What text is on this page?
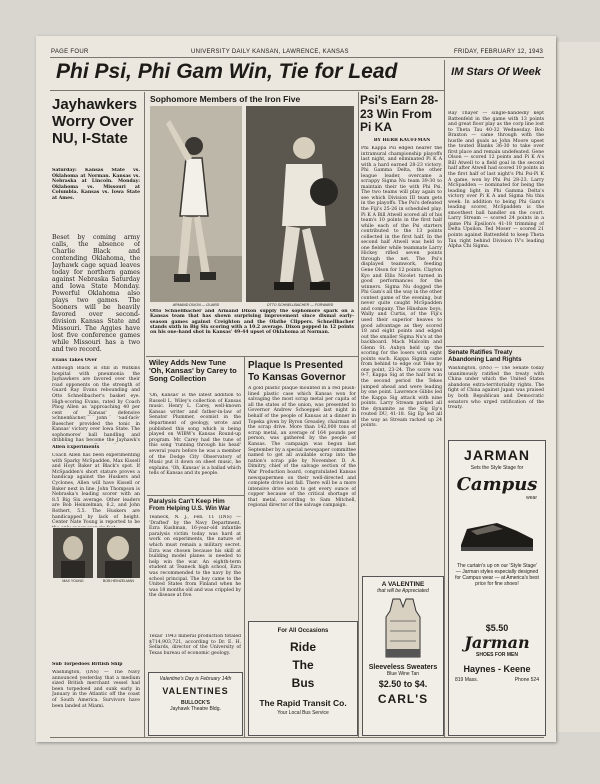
PAGE FOUR	UNIVERSITY DAILY KANSAN, LAWRENCE, KANSAS	FRIDAY, FEBRUARY 12, 1943
Phi Psi, Phi Gam Win, Tie for Lead
Jayhawkers Worry Over NU, I-State
Saturday: Kansas State vs. Oklahoma at Norman. Kansas vs. Nebraska at Lincoln. Monday: Oklahoma vs. Missouri at Columbia. Kansas vs. Iowa State at Ames.
Beset by coming army calls, the absence of Charlie Black and contending Oklahoma, the Jayhawk cage squad leaves today for northern games against Nebraska Saturday and Iowa State Monday. Powerful Oklahoma also plays two games. The Sooners will be heavily favored over second-division Kansas State and Missouri. The Aggies have lost five conference games while Missouri has a two and two record.
Evans Takes Over
Although Black is still in Watkins hospital with pneumonia the Jayhawkers are favored over their road opponents on the strength of Guard Ray Evans rebounding and Otto Schnellbacher's basket eye. High-scoring Evans, rated by Coach Phog Allen as 'approaching 40 per cent of Kansas' defensive
Schnellbacher, John 'Sad-face' Buescher provided the tonic in Kansas' victory over Iowa State. The sophomores' ball handling and dribbling has become the Jayhawk's
Allen Experiments
Coach Allen has been experimenting with Sparky McSpadden, Max Kissell and Hoyt Baker at Black's spot. If McSpadden's short stature proves a handicap against the Huskers and Cyclones, Allen will have Kissell or Baker next in line. John Thompson is Nebraska's leading scorer with an 8.5 Big Six average. Other leaders are Bob Heinzelman, 6.2, and John Rothert, 5.5. The Huskers are handicapped by lack of height. Center Nate Young is reported to be
MAX YOUNG	BOB HEINZELMAN
Sub Torpedoes British Ship
Washington, (INS) — The Navy announced yesterday that a medium sized British merchant vessel had been torpedoed and sunk early in January in the Atlantic off the coast of South America. Survivors have been landed at Miami.
Sophomore Members of the Iron Five
ARMAND DIXON — GUARD	OTTO SCHNELLBACHER — FORWARD
Otto Schnellbacher and Armand Dixon supply the sophomore spark on a Kansas team that has shown surprising improvement since dismal early-season games against Creighton and the Olathe Clippers. Schnellbacher stands sixth in Big Six scoring with a 10.2 average. Dixon popped in 12 points on his one-hand shot in Kansas' 49-44 upset of Oklahoma at Norman.
Wiley Adds New Tune 'Oh, Kansas' by Carey to Song Collection
'Oh, Kansas' is the latest addition to Russell L. Wiley's collection of Kansas music. Henry L. Carey, well-known Kansas writer and father-in-law of Senator Plummer, ecomist in the department of geology, wrote and published this song which is being played on WIBW's Kansas Round-up program. Mr. Carey had the tune of this song 'running through his head' several years before he was a member of the Dodge City Observatory of Music put it down on sheet music, he explains. 'Oh, Kansas' is a ballad which tells of Kansas and its people.
Paralysis Can't Keep Him From Helping U.S. Win War
Teaneck, N. J., Feb. 11 (INS) — 'Drafted' by the Navy Department, Ezra Kushman, 16-year-old infantile paralysis victim today was hard at work on experiments, the nature of which must remain a military secret. Ezra was chosen because his skill at building model planes is needed to help win the war. An eighth-term student at Teaneck high school, Ezra was recommended to the navy by the school principal. The boy came to the United States from Finland when he was 18 months old and was crippled by the disease at five.
Texas' 1943 mineral production totaled $714,903,721, according to Dr. E. H. Sellards, director of the University of Texas bureau of economic geology.
Valentine's Day is February 14th
VALENTINES
BULLOCK'S
Jayhawk Theatre Bldg.
Plaque Is Presented To Kansas Governor
A gold plastic plaque mounted in a red plush-lined plastic case which Kansas won for salvaging the most scrap metal per capita of all the states of the union, was presented to Governor Andrew Schoeppel last night in behalf of the people of Kansas at a dinner in Topeka given by Byron Greasley, chairman of the scrap drive. More than 142,000 tons of scrap metal, an average of 164 pounds per person, was gathered by the people of Kansas. The campaign was begun last September by a special newspaper committee named to get all available scrap into the nation's scrap pile by November. D. A. Dimitry, chief of the salvage section of the War Production board, congratulated Kansas newspapermen on their well-directed and complete drive last fall. There will be a more intensive drive soon to get every ounce of copper because of the critical shortage of that metal, according to Sam Mitchell, regional director of the salvage campaign.
For All Occasions
Ride
The
Bus
The Rapid Transit Co.
Your Local Bus Service
Psi's Earn 28-23 Win From Pi KA
BY HERB KAUFFMAN
Phi Kappa Psi edged nearer the intramural championship playoffs last night, and eliminated Pi K A with a hard earned 28-23 victory. Phi Gamma Delta, the other league leader, overcame a scrappy Sigma Nu team 39-30 to maintain their tie with Phi Psi. The two teams will play again to see which Division III team gets in the playoffs. The Psi's defeated the Fiji's 25-26 in scheduled play. Pi K A Bill Atwell scored all of his team's 10 points in the first half while each of the Psi starters contributed to the 13 points collected in the first half. In the second half Atwell was held to one fielder while teammate Larry Hickey rifled seven points through the net. The Psi's displayed teamwork, feeding Gene Olson for 12 points. Clayton Kyo and Ellis Nicolet turned in good performances for the winners. Sigma Nu dogged the Phi Gam's all the way in the other contest game of the evening, but never quite caught McSpadden and company. The Hinshaw boys, Wally and Curtis, of the Fiji's used their superior heaves to good advantage as they scored 18 and eight points and edged out the smaller Sigma Nu's at the backboard. Mack Malcolm and Glenn St. Aubyn held up the scoring for the losers with eight points each. Kappa Sigma came from behind to edge out Teke by one point, 23-24. The score was 9-7, Kappa Sig at the half but in the second period the Tekes jumped ahead and were leading by one point. Lawrence Gibbs led the Kappa Sig attack with nine points. Larry Stream parked all the dynamite as the Sig Ep's routed DU, 41-18. Sig Ep led all the way as Stream racked up 24 points.
A VALENTINE
that will be Appreciated
Sleeveless Sweaters
Blue Wine Tan
$2.50 to $4.
CARL'S
IM Stars Of Week
Ray Thayer — single-handedly kept Battenfeld in the game with 13 points and great floor play as the corp line lost to Theta Tau 40-32 Wednesday. Bob Braxton — came through with the hustle and goals as John Moore upset the touted Blanks 36-30 to take over first place and remain undefeated. Gene Olson — scored 12 points and Pi K A's Bill Atwell to a field goal in the second half after Atwell had scored 10 points in the first half of last night's Phi Psi-Pi K A game, won by Phi Psi 28-23. Larry McSpadden — nominated for being the leading light in Phi Gamma Delta's victory over Pi K A and Sigma Nu this week. In addition to being Phi Gam's leading scorer, McSpadden is the smoothest ball handler on the court. Larry Stream — scored 24 points in a game Phi Epsilon's 41-18 trimming of Delta Upsilon. Ted Moser — scored 21 points against Battenfeld to keep Theta Tau right behind Division IV's leading Alpha Chi Sigma.
Senate Ratifies Treaty Abandoning Land Rights
Washington, (INS) — The Senate today unanimously ratified the treaty with China under which the United States abandons extra-territoriality rights. The fight of China against Japan was praised by both Republican and Democratic senators who urged ratification of the treaty.
JARMAN
Sets the Style Stage for
Campus
wear
The curtain's up on our 'Style Stage' — Jarman styles especially designed for Campus wear — at America's best price for fine shoes!
$5.50
Jarman
SHOES FOR MEN
Haynes - Keene
819 Mass.	Phone 524
